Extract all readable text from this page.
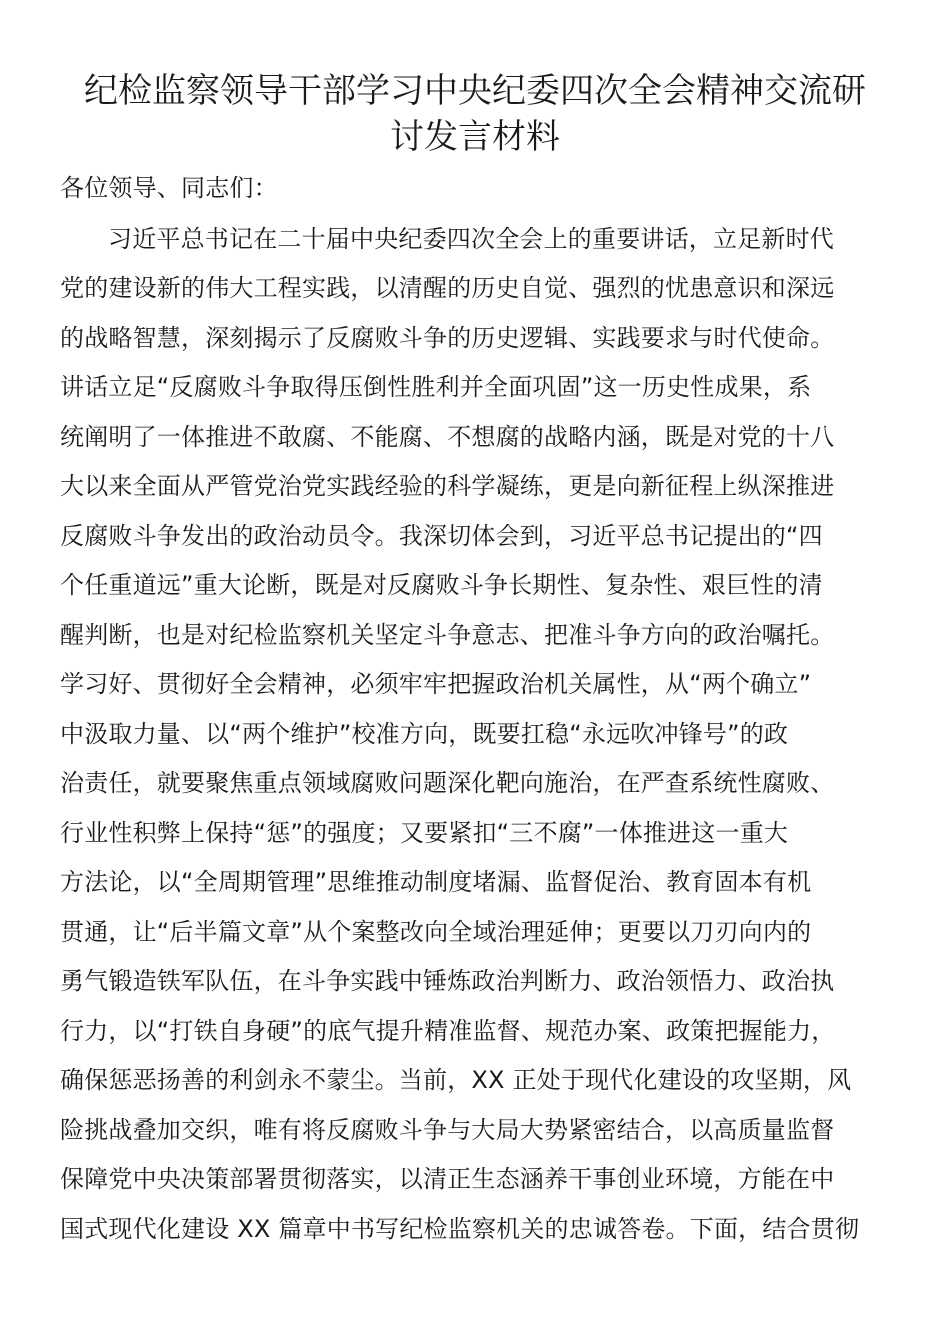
纪检监察领导干部学习中央纪委四次全会精神交流研
讨发言材料

各位领导、同志们：

习近平总书记在二十届中央纪委四次全会上的重要讲话，立足新时代

党的建设新的伟大工程实践，以清醒的历史自觉、强烈的忧患意识和深远

的战略智慧，深刻揭示了反腐败斗争的历史逻辑、实践要求与时代使命。

讲话立足“反腐败斗争取得压倒性胜利并全面巩固”这一历史性成果，系

统阐明了一体推进不敢腐、不能腐、不想腐的战略内涵，既是对党的十八

大以来全面从严管党治党实践经验的科学凝练，更是向新征程上纵深推进

反腐败斗争发出的政治动员令。我深切体会到，习近平总书记提出的“四

个任重道远”重大论断，既是对反腐败斗争长期性、复杂性、艰巨性的清

醒判断，也是对纪检监察机关坚定斗争意志、把准斗争方向的政治嘱托。

学习好、贯彻好全会精神，必须牢牢把握政治机关属性，从“两个确立”

中汲取力量、以“两个维护”校准方向，既要扛稳“永远吹冲锋号”的政

治责任，就要聚焦重点领域腐败问题深化靶向施治，在严查系统性腐败、

行业性积弊上保持“惩”的强度；又要紧扣“三不腐”一体推进这一重大

方法论，以“全周期管理”思维推动制度堵漏、监督促治、教育固本有机

贯通，让“后半篇文章”从个案整改向全域治理延伸；更要以刀刃向内的

勇气锻造铁军队伍，在斗争实践中锤炼政治判断力、政治领悟力、政治执

行力，以“打铁自身硬”的底气提升精准监督、规范办案、政策把握能力，

确保惩恶扬善的利剑永不蒙尘。当前，XX 正处于现代化建设的攻坚期，风

险挑战叠加交织，唯有将反腐败斗争与大局大势紧密结合，以高质量监督

保障党中央决策部署贯彻落实，以清正生态涵养干事创业环境，方能在中

国式现代化建设 XX 篇章中书写纪检监察机关的忠诚答卷。下面，结合贯彻
